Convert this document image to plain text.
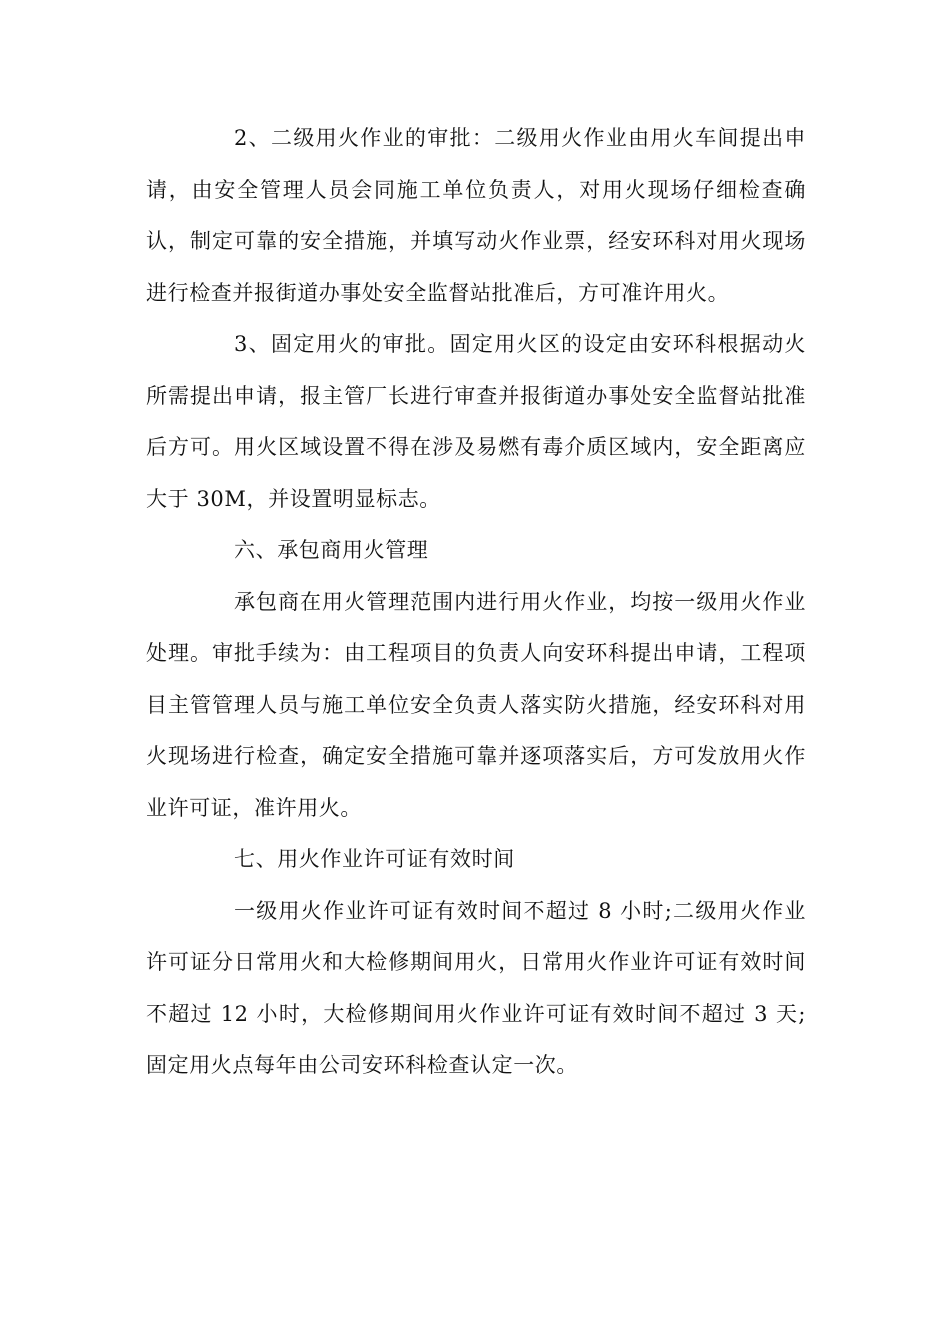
2、二级用火作业的审批：二级用火作业由用火车间提出申请，由安全管理人员会同施工单位负责人，对用火现场仔细检查确认，制定可靠的安全措施，并填写动火作业票，经安环科对用火现场进行检查并报街道办事处安全监督站批准后，方可准许用火。

3、固定用火的审批。固定用火区的设定由安环科根据动火所需提出申请，报主管厂长进行审查并报街道办事处安全监督站批准后方可。用火区域设置不得在涉及易燃有毒介质区域内，安全距离应大于 30M，并设置明显标志。

六、承包商用火管理

承包商在用火管理范围内进行用火作业，均按一级用火作业处理。审批手续为：由工程项目的负责人向安环科提出申请，工程项目主管管理人员与施工单位安全负责人落实防火措施，经安环科对用火现场进行检查，确定安全措施可靠并逐项落实后，方可发放用火作业许可证，准许用火。

七、用火作业许可证有效时间

一级用火作业许可证有效时间不超过 8 小时;二级用火作业许可证分日常用火和大检修期间用火，日常用火作业许可证有效时间不超过 12 小时，大检修期间用火作业许可证有效时间不超过 3 天;固定用火点每年由公司安环科检查认定一次。
